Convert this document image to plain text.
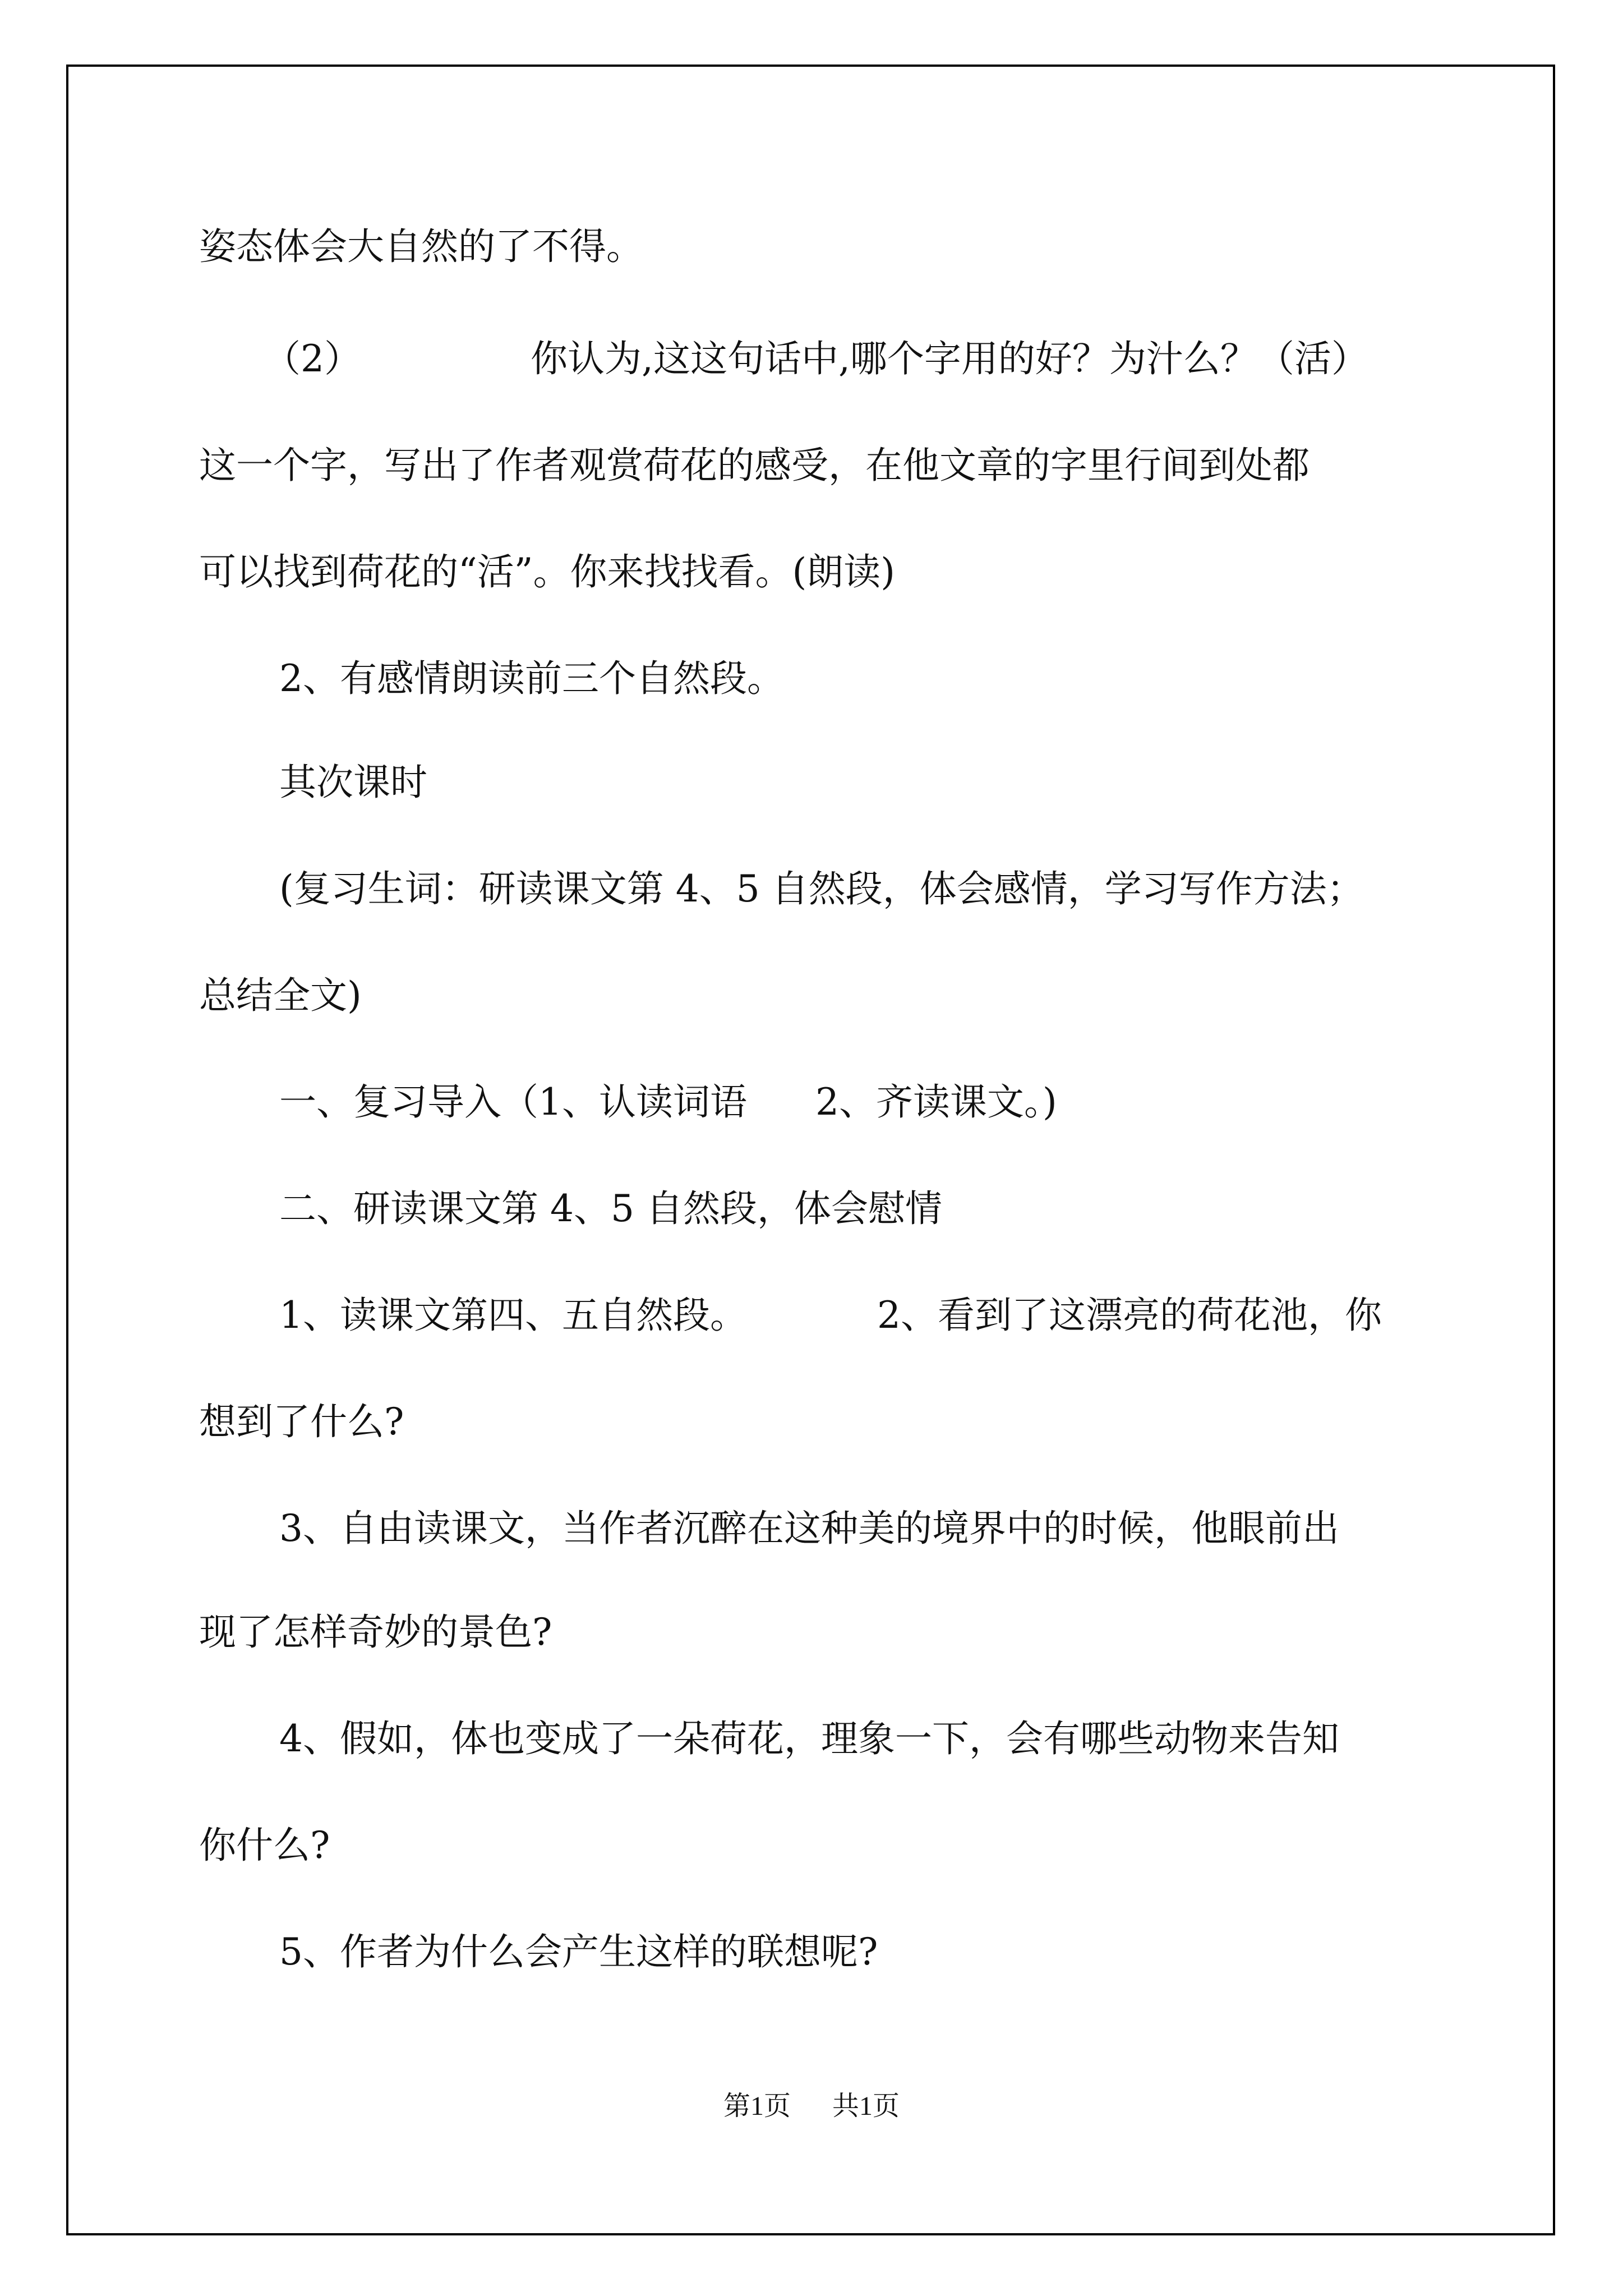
姿态体会大自然的了不得。
（2）	你认为,这这句话中,哪个字用的好？为汁么？（活）
这一个字，写出了作者观赏荷花的感受，在他文章的字里行间到处都
可以找到荷花的“活”。你来找找看。(朗读)
2、有感情朗读前三个自然段。
其次课时
(复习生词：研读课文第 4、5 自然段，体会感情，学习写作方法；
总结全文)
一、复习导入（1、认读词语 2、齐读课文。)
二、研读课文第 4、5 自然段，体会慰情
1、读课文第四、五自然段。	2、看到了这漂亮的荷花池，你
想到了什么?
3、自由读课文，当作者沉醉在这种美的境界中的时候，他眼前出
现了怎样奇妙的景色?
4、假如，体也变成了一朵荷花，理象一下，会有哪些动物来告知
你什么?
5、作者为什么会产生这样的联想呢?
第1页 共1页
